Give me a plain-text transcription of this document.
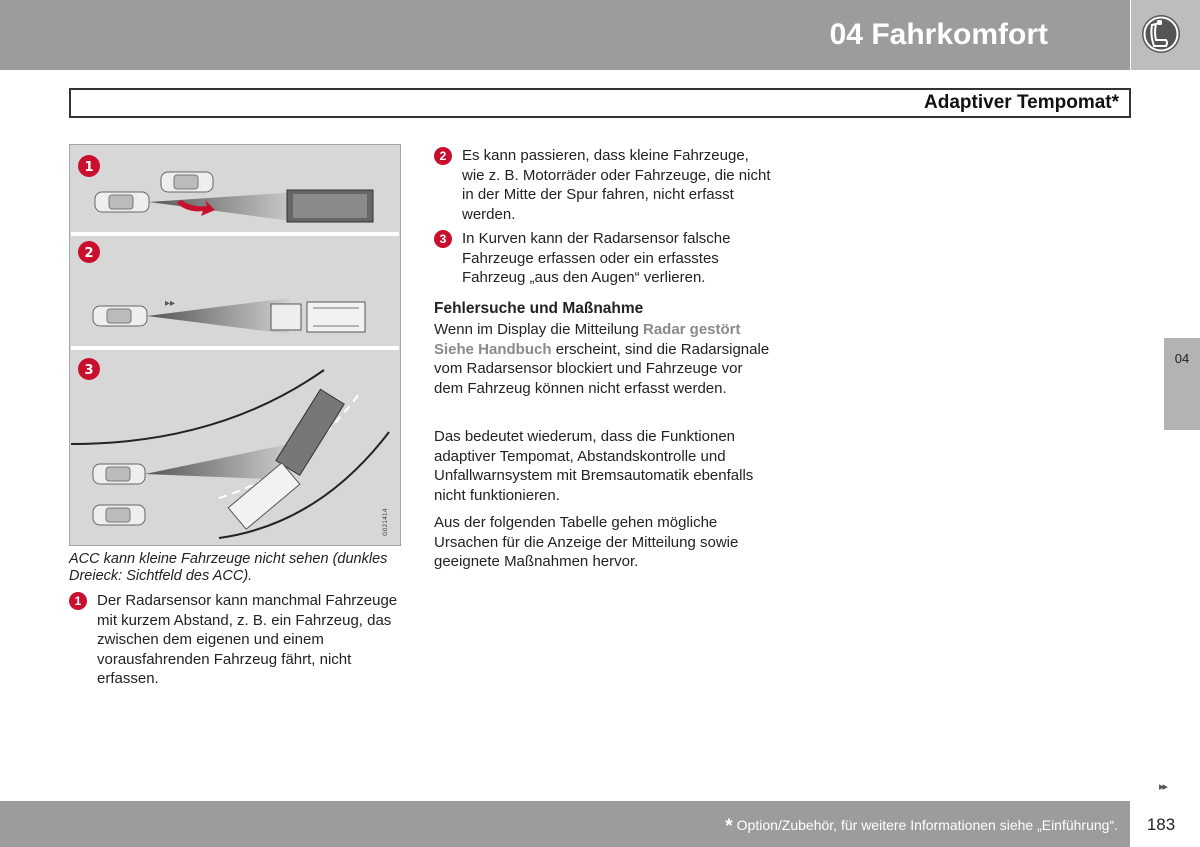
04 Fahrkomfort
Adaptiver Tempomat*
▸▸
G021414
1
2
3
ACC kann kleine Fahrzeuge nicht sehen (dunkles Dreieck: Sichtfeld des ACC).
1	Der Radarsensor kann manchmal Fahrzeuge mit kurzem Abstand, z. B. ein Fahrzeug, das zwischen dem eigenen und einem vorausfahrenden Fahrzeug fährt, nicht erfassen.
2	Es kann passieren, dass kleine Fahrzeuge, wie z. B. Motorräder oder Fahrzeuge, die nicht in der Mitte der Spur fahren, nicht erfasst werden.
3	In Kurven kann der Radarsensor falsche Fahrzeuge erfassen oder ein erfasstes Fahrzeug „aus den Augen“ verlieren.
Fehlersuche und Maßnahme
Wenn im Display die Mitteilung Radar gestört Siehe Handbuch erscheint, sind die Radarsignale vom Radarsensor blockiert und Fahrzeuge vor dem Fahrzeug können nicht erfasst werden.
Das bedeutet wiederum, dass die Funktionen adaptiver Tempomat, Abstandskontrolle und Unfallwarnsystem mit Bremsautomatik ebenfalls nicht funktionieren.
Aus der folgenden Tabelle gehen mögliche Ursachen für die Anzeige der Mitteilung sowie geeignete Maßnahmen hervor.
04
▸▸
* Option/Zubehör, für weitere Informationen siehe „Einführung“.	183
